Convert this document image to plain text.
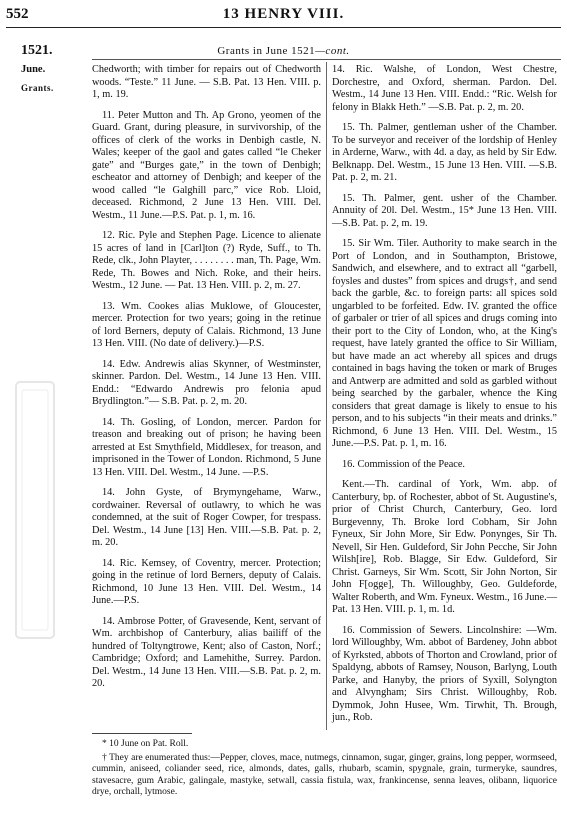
552	13 HENRY VIII.
1521.	Grants in June 1521—cont.
June.
Grants.

Chedworth; with timber for repairs out of Chedworth woods. “Teste.” 11 June. — S.B. Pat. 13 Hen. VIII. p. 1, m. 19.

11. Peter Mutton and Th. Ap Grono, yeomen of the Guard. Grant, during pleasure, in survivorship, of the offices of clerk of the works in Denbigh castle, N. Wales; keeper of the gaol and gates called “le Cheker gate” and “Burges gate,” in the town of Denbigh; escheator and attorney of Denbigh; and keeper of the wood called “le Galghill parc,” vice Rob. Lloid, deceased. Richmond, 2 June 13 Hen. VIII. Del. Westm., 11 June.—P.S. Pat. p. 1, m. 16.

12. Ric. Pyle and Stephen Page. Licence to alienate 15 acres of land in [Carl]ton (?) Ryde, Suff., to Th. Rede, clk., John Playter, . . . . . . . . man, Th. Page, Wm. Rede, Th. Bowes and Nich. Roke, and their heirs. Westm., 12 June. — Pat. 13 Hen. VIII. p. 2, m. 27.

13. Wm. Cookes alias Muklowe, of Gloucester, mercer. Protection for two years; going in the retinue of lord Berners, deputy of Calais. Richmond, 13 June 13 Hen. VIII. (No date of delivery.)—P.S.

14. Edw. Andrewis alias Skynner, of Westminster, skinner. Pardon. Del. Westm., 14 June 13 Hen. VIII. Endd.: “Edwardo Andrewis pro felonia apud Brydlington.”— S.B. Pat. p. 2, m. 20.

14. Th. Gosling, of London, mercer. Pardon for treason and breaking out of prison; he having been arrested at Est Smythfield, Middlesex, for treason, and imprisoned in the Tower of London. Richmond, 5 June 13 Hen. VIII. Del. Westm., 14 June. —P.S.

14. John Gyste, of Brymyngehame, Warw., cordwainer. Reversal of outlawry, to which he was condemned, at the suit of Roger Cowper, for trespass. Del. Westm., 14 June [13] Hen. VIII.—S.B. Pat. p. 2, m. 20.

14. Ric. Kemsey, of Coventry, mercer. Protection; going in the retinue of lord Berners, deputy of Calais. Richmond, 10 June 13 Hen. VIII. Del. Westm., 14 June.—P.S.

14. Ambrose Potter, of Gravesende, Kent, servant of Wm. archbishop of Canterbury, alias bailiff of the hundred of Toltyngtrowe, Kent; also of Caston, Norf.; Cambridge; Oxford; and Lamehithe, Surrey. Pardon. Del. Westm., 14 June 13 Hen. VIII.—S.B. Pat. p. 2, m. 20.

14. Ric. Walshe, of London, West Chestre, Dorchestre, and Oxford, sherman. Pardon. Del. Westm., 14 June 13 Hen. VIII. Endd.: “Ric. Welsh for felony in Blakk Heth.” —S.B. Pat. p. 2, m. 20.

15. Th. Palmer, gentleman usher of the Chamber. To be surveyor and receiver of the lordship of Henley in Arderne, Warw., with 4d. a day, as held by Sir Edw. Belknapp. Del. Westm., 15 June 13 Hen. VIII. —S.B. Pat. p. 2, m. 21.

15. Th. Palmer, gent. usher of the Chamber. Annuity of 20l. Del. Westm., 15* June 13 Hen. VIII.—S.B. Pat. p. 2, m. 19.

15. Sir Wm. Tiler. Authority to make search in the Port of London, and in Southampton, Bristowe, Sandwich, and elsewhere, and to extract all “garbell, foysles and dustes” from spices and drugs†, and send back the garble, &c. to foreign parts: all spices sold ungarbled to be forfeited. Edw. IV. granted the office of garbaler or trier of all spices and drugs coming into their port to the City of London, who, at the King's request, have lately granted the office to Sir William, but have made an act whereby all spices and drugs contained in bags having the token or mark of Bruges and Antwerp are admitted and sold as garbled without being searched by the garbaler, whence the King considers that great damage is likely to ensue to his person, and to his subjects “in their meats and drinks.” Richmond, 6 June 13 Hen. VIII. Del. Westm., 15 June.—P.S. Pat. p. 1, m. 16.

16. Commission of the Peace.

Kent.—Th. cardinal of York, Wm. abp. of Canterbury, bp. of Rochester, abbot of St. Augustine's, prior of Christ Church, Canterbury, Geo. lord Burgevenny, Th. Broke lord Cobham, Sir John Fyneux, Sir John More, Sir Edw. Ponynges, Sir Th. Nevell, Sir Hen. Guldeford, Sir John Pecche, Sir John Wilsh[ire], Rob. Blagge, Sir Edw. Guldeford, Sir Christ. Garneys, Sir Wm. Scott, Sir John Norton, Sir John F[ogge], Th. Willoughby, Geo. Guldeforde, Walter Roberth, and Wm. Fyneux. Westm., 16 June.—Pat. 13 Hen. VIII. p. 1, m. 1d.

16. Commission of Sewers. Lincolnshire: —Wm. lord Willoughby, Wm. abbot of Bardeney, John abbot of Kyrksted, abbots of Thorton and Crowland, prior of Spaldyng, abbots of Ramsey, Nouson, Barlyng, Louth Parke, and Hanyby, the priors of Syxill, Solyngton and Alvyngham; Sirs Christ. Willoughby, Rob. Dymmok, John Husee, Wm. Tirwhit, Th. Brough, jun., Rob.

* 10 June on Pat. Roll.

† They are enumerated thus:—Pepper, cloves, mace, nutmegs, cinnamon, sugar, ginger, grains, long pepper, wormseed, cummin, aniseed, coliander seed, rice, almonds, dates, galls, rhubarb, scamin, spygnale, grain, turmeryke, saundres, stavesacre, gum Arabic, galingale, mastyke, setwall, cassia fistula, wax, frankincense, senna leaves, olibann, liquorice dryе, orchall, lytmose.
